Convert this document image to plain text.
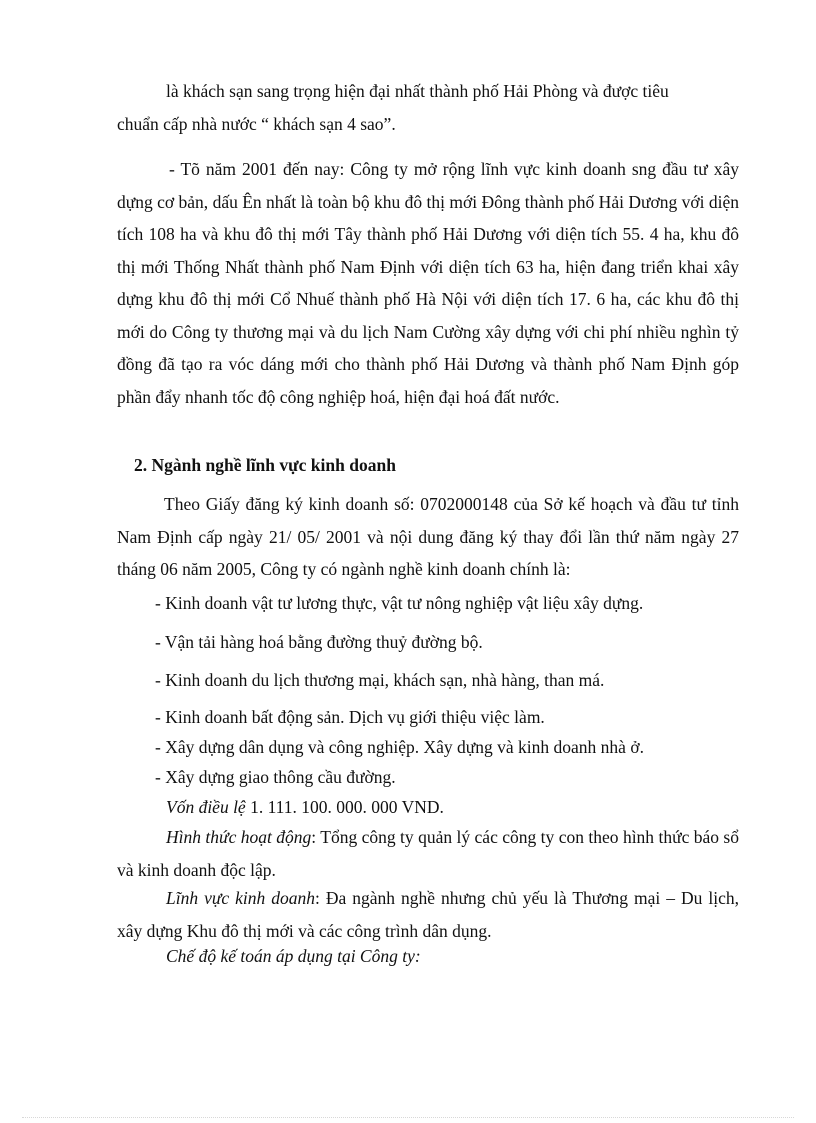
là khách sạn sang trọng hiện đại nhất thành phố Hải Phòng và được tiêu
chuẩn cấp nhà nước “ khách sạn 4 sao”.

- Tõ năm 2001 đến nay: Công ty mở rộng lĩnh vực kinh doanh sng đầu tư xây dựng cơ bản, dấu Ên nhất là toàn bộ khu đô thị mới Đông thành phố Hải Dương với diện tích 108 ha và khu đô thị mới Tây thành phố Hải Dương với diện tích 55. 4 ha, khu đô thị mới Thống Nhất thành phố Nam Định với diện tích 63 ha, hiện đang triển khai xây dựng khu đô thị mới Cổ Nhuế thành phố Hà Nội với diện tích 17. 6 ha, các khu đô thị mới do Công ty thương mại và du lịch Nam Cường xây dựng với chi phí nhiều nghìn tỷ đồng đã tạo ra vóc dáng mới cho thành phố Hải Dương và thành phố Nam Định góp phần đẩy nhanh tốc độ công nghiệp hoá, hiện đại hoá đất nước.

2. Ngành nghề lĩnh vực kinh doanh

Theo Giấy đăng ký kinh doanh số: 0702000148 của Sở kế hoạch và đầu tư tỉnh Nam Định cấp ngày 21/ 05/ 2001 và nội dung đăng ký thay đổi lần thứ năm ngày 27 tháng 06 năm 2005, Công ty có ngành nghề kinh doanh chính là:

- Kinh doanh vật tư lương thực, vật tư nông nghiệp vật liệu xây dựng.
- Vận tải hàng hoá bằng đường thuỷ đường bộ.
- Kinh doanh du lịch thương mại, khách sạn, nhà hàng, than má.
- Kinh doanh bất động sản. Dịch vụ giới thiệu việc làm.
- Xây dựng dân dụng và công nghiệp. Xây dựng và kinh doanh nhà ở.
- Xây dựng giao thông cầu đường.
Vốn điều lệ 1. 111. 100. 000. 000 VND.

Hình thức hoạt động: Tổng công ty quản lý các công ty con theo hình thức báo sổ và kinh doanh độc lập.

Lĩnh vực kinh doanh: Đa ngành nghề nhưng chủ yếu là Thương mại – Du lịch, xây dựng Khu đô thị mới và các công trình dân dụng.

Chế độ kế toán áp dụng tại Công ty:
